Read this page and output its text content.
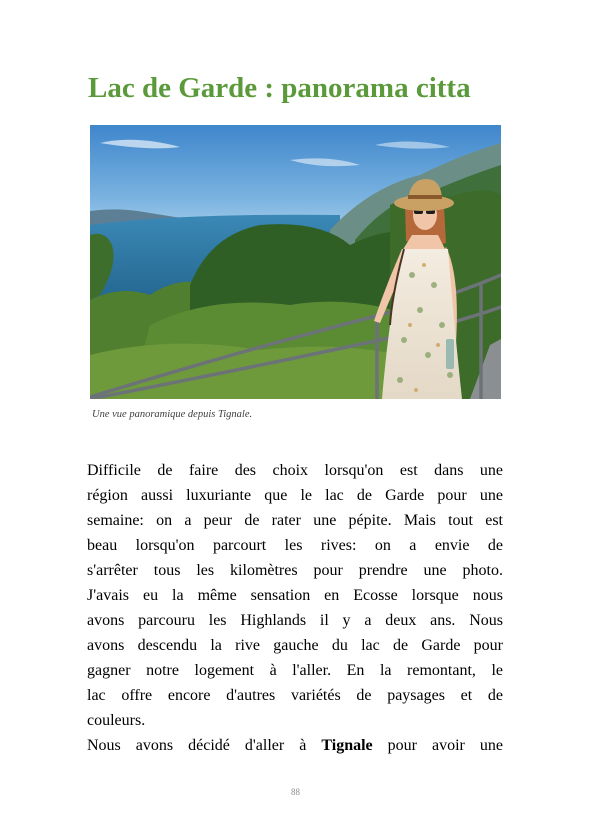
Lac de Garde : panorama citta
Une vue panoramique depuis Tignale.
Difficile de faire des choix lorsqu'on est dans une
région aussi luxuriante que le lac de Garde pour une
semaine: on a peur de rater une pépite. Mais tout est
beau lorsqu'on parcourt les rives: on a envie de
s'arrêter tous les kilomètres pour prendre une photo.
J'avais eu la même sensation en Ecosse lorsque nous
avons parcouru les Highlands il y a deux ans. Nous
avons descendu la rive gauche du lac de Garde pour
gagner notre logement à l'aller. En la remontant, le
lac offre encore d'autres variétés de paysages et de
couleurs.
Nous avons décidé d'aller à Tignale pour avoir une
88
